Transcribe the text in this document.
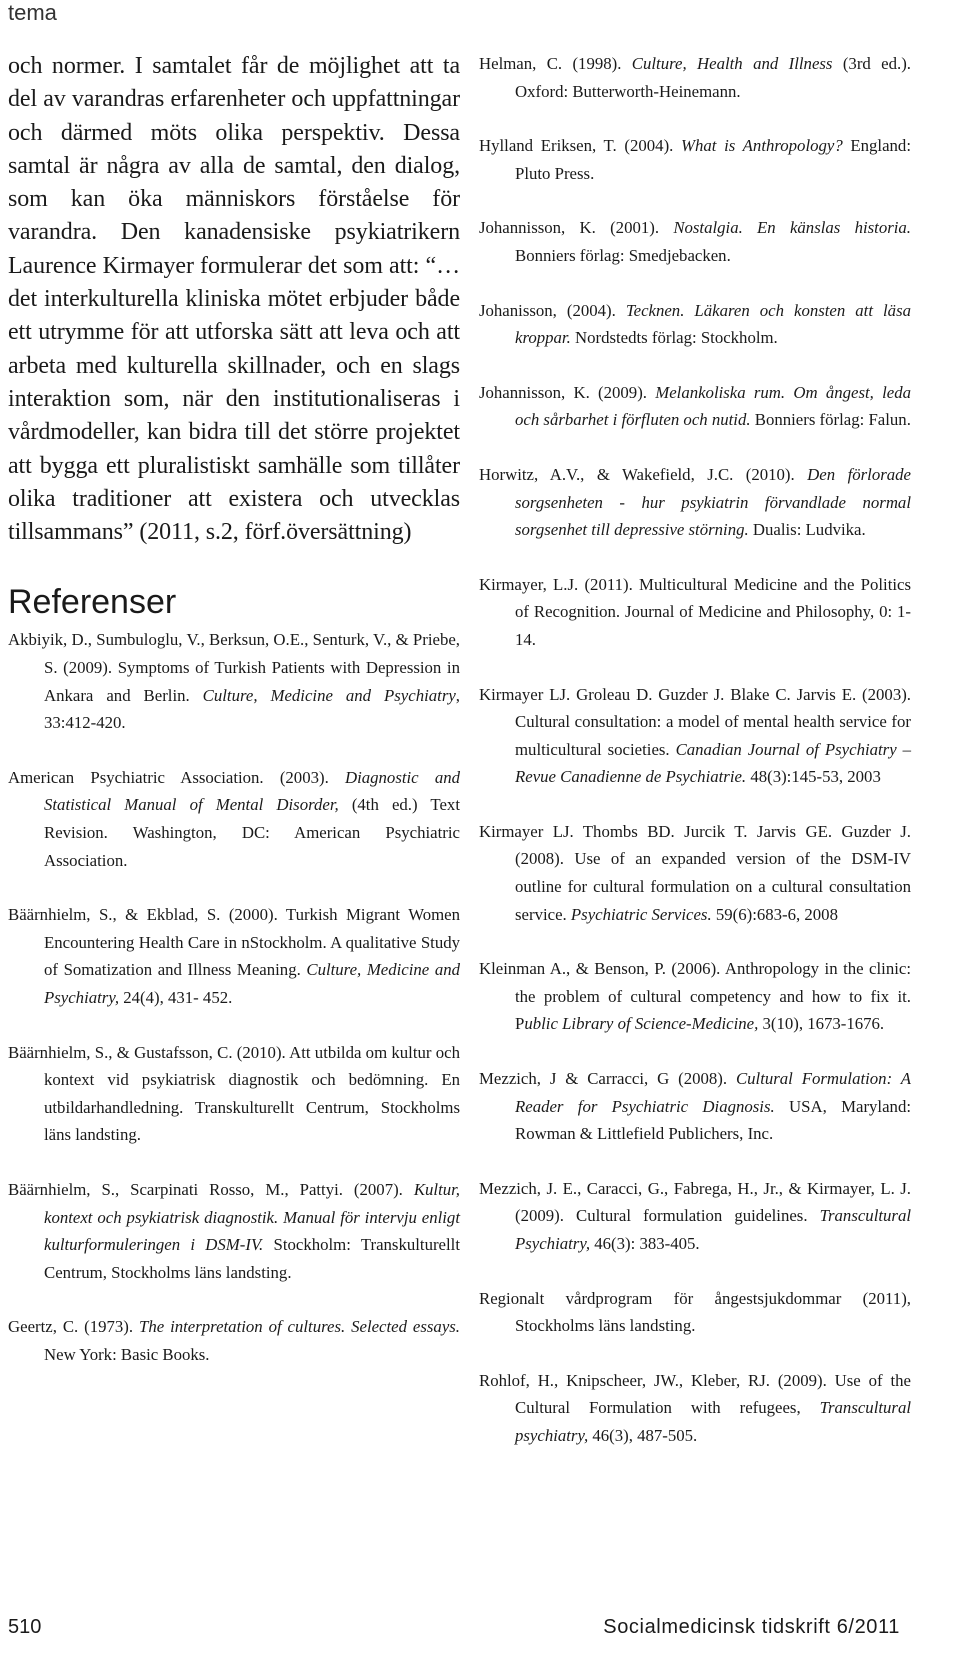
tema

och normer. I samtalet får de möjlighet att ta del av varandras erfarenheter och uppfattningar och därmed möts olika perspektiv. Dessa samtal är några av alla de samtal, den dialog, som kan öka människors förståelse för varandra. Den kanadensiske psykiatrikern Laurence Kirmayer formulerar det som att: “…det interkulturella kliniska mötet erbjuder både ett utrymme för att utforska sätt att leva och att arbeta med kulturella skillnader, och en slags interaktion som, när den institutionaliseras i vårdmodeller, kan bidra till det större projektet att bygga ett pluralistiskt samhälle som tillåter olika traditioner att existera och utvecklas tillsammans” (2011, s.2, förf.översättning)

Referenser
Akbiyik, D., Sumbuloglu, V., Berksun, O.E., Senturk, V., & Priebe, S. (2009). Symptoms of Turkish Patients with Depression in Ankara and Berlin. Culture, Medicine and Psychiatry, 33:412-420.
American Psychiatric Association. (2003). Diagnostic and Statistical Manual of Mental Disorder, (4th ed.) Text Revision. Washington, DC: American Psychiatric Association.
Bäärnhielm, S., & Ekblad, S. (2000). Turkish Migrant Women Encountering Health Care in nStockholm. A qualitative Study of Somatization and Illness Meaning. Culture, Medicine and Psychiatry, 24(4), 431- 452.
Bäärnhielm, S., & Gustafsson, C. (2010). Att utbilda om kultur och kontext vid psykiatrisk diagnostik och bedömning. En utbildarhandledning. Transkulturellt Centrum, Stockholms läns landsting.
Bäärnhielm, S., Scarpinati Rosso, M., Pattyi. (2007). Kultur, kontext och psykiatrisk diagnostik. Manual för intervju enligt kulturformuleringen i DSM-IV. Stockholm: Transkulturellt Centrum, Stockholms läns landsting.
Geertz, C. (1973). The interpretation of cultures. Selected essays. New York: Basic Books.
Helman, C. (1998). Culture, Health and Illness (3rd ed.). Oxford: Butterworth-Heinemann.
Hylland Eriksen, T. (2004). What is Anthropology? England: Pluto Press.
Johannisson, K. (2001). Nostalgia. En känslas historia. Bonniers förlag: Smedjebacken.
Johanisson, (2004). Tecknen. Läkaren och konsten att läsa kroppar. Nordstedts förlag: Stockholm.
Johannisson, K. (2009). Melankoliska rum. Om ångest, leda och sårbarhet i förfluten och nutid. Bonniers förlag: Falun.
Horwitz, A.V., & Wakefield, J.C. (2010). Den förlorade sorgsenheten - hur psykiatrin förvandlade normal sorgsenhet till depressive störning. Dualis: Ludvika.
Kirmayer, L.J. (2011). Multicultural Medicine and the Politics of Recognition. Journal of Medicine and Philosophy, 0: 1-14.
Kirmayer LJ. Groleau D. Guzder J. Blake C. Jarvis E. (2003). Cultural consultation: a model of mental health service for multicultural societies. Canadian Journal of Psychiatry – Revue Canadienne de Psychiatrie. 48(3):145-53, 2003
Kirmayer LJ. Thombs BD. Jurcik T. Jarvis GE. Guzder J. (2008). Use of an expanded version of the DSM-IV outline for cultural formulation on a cultural consultation service. Psychiatric Services. 59(6):683-6, 2008
Kleinman A., & Benson, P. (2006). Anthropology in the clinic: the problem of cultural competency and how to fix it. Public Library of Science-Medicine, 3(10), 1673-1676.
Mezzich, J & Carracci, G (2008). Cultural Formulation: A Reader for Psychiatric Diagnosis. USA, Maryland: Rowman & Littlefield Publichers, Inc.
Mezzich, J. E., Caracci, G., Fabrega, H., Jr., & Kirmayer, L. J. (2009). Cultural formulation guidelines. Transcultural Psychiatry, 46(3): 383-405.
Regionalt vårdprogram för ångestsjukdommar (2011), Stockholms läns landsting.
Rohlof, H., Knipscheer, JW., Kleber, RJ. (2009). Use of the Cultural Formulation with refugees, Transcultural psychiatry, 46(3), 487-505.
510	Socialmedicinsk tidskrift 6/2011
